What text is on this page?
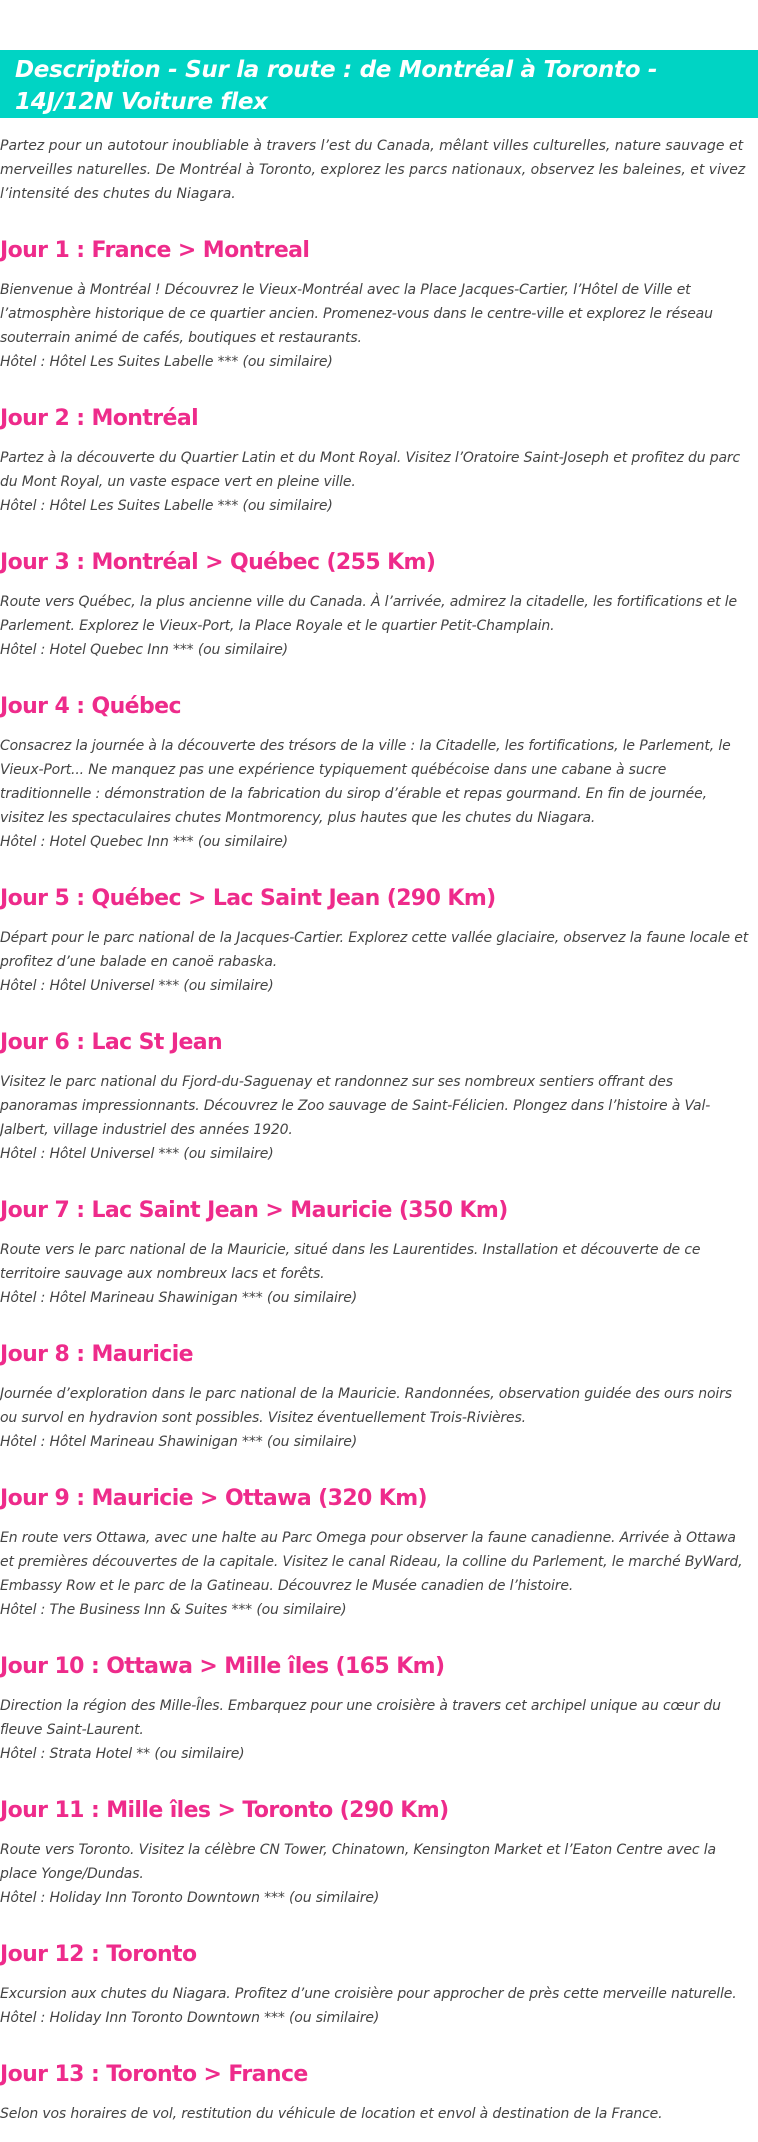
Description - Sur la route : de Montréal à Toronto - 14J/12N Voiture flex

Partez pour un autotour inoubliable à travers l’est du Canada, mêlant villes culturelles, nature sauvage et merveilles naturelles. De Montréal à Toronto, explorez les parcs nationaux, observez les baleines, et vivez l’intensité des chutes du Niagara.

Jour 1 : France > Montreal

Bienvenue à Montréal ! Découvrez le Vieux-Montréal avec la Place Jacques-Cartier, l’Hôtel de Ville et l’atmosphère historique de ce quartier ancien. Promenez-vous dans le centre-ville et explorez le réseau souterrain animé de cafés, boutiques et restaurants.

Hôtel : Hôtel Les Suites Labelle *** (ou similaire)
Jour 2 : Montréal

Partez à la découverte du Quartier Latin et du Mont Royal. Visitez l’Oratoire Saint-Joseph et profitez du parc du Mont Royal, un vaste espace vert en pleine ville.

Hôtel : Hôtel Les Suites Labelle *** (ou similaire)
Jour 3 : Montréal > Québec (255 Km)

Route vers Québec, la plus ancienne ville du Canada. À l’arrivée, admirez la citadelle, les fortifications et le Parlement. Explorez le Vieux-Port, la Place Royale et le quartier Petit-Champlain.

Hôtel : Hotel Quebec Inn *** (ou similaire)
Jour 4 : Québec

Consacrez la journée à la découverte des trésors de la ville : la Citadelle, les fortifications, le Parlement, le Vieux-Port... Ne manquez pas une expérience typiquement québécoise dans une cabane à sucre traditionnelle : démonstration de la fabrication du sirop d’érable et repas gourmand. En fin de journée, visitez les spectaculaires chutes Montmorency, plus hautes que les chutes du Niagara.

Hôtel : Hotel Quebec Inn *** (ou similaire)
Jour 5 : Québec > Lac Saint Jean (290 Km)

Départ pour le parc national de la Jacques-Cartier. Explorez cette vallée glaciaire, observez la faune locale et profitez d’une balade en canoë rabaska.

Hôtel : Hôtel Universel *** (ou similaire)
Jour 6 : Lac St Jean

Visitez le parc national du Fjord-du-Saguenay et randonnez sur ses nombreux sentiers offrant des panoramas impressionnants. Découvrez le Zoo sauvage de Saint-Félicien. Plongez dans l’histoire à Val-Jalbert, village industriel des années 1920.

Hôtel : Hôtel Universel *** (ou similaire)
Jour 7 : Lac Saint Jean > Mauricie (350 Km)

Route vers le parc national de la Mauricie, situé dans les Laurentides. Installation et découverte de ce territoire sauvage aux nombreux lacs et forêts.

Hôtel : Hôtel Marineau Shawinigan *** (ou similaire)
Jour 8 : Mauricie

Journée d’exploration dans le parc national de la Mauricie. Randonnées, observation guidée des ours noirs ou survol en hydravion sont possibles. Visitez éventuellement Trois-Rivières.

Hôtel : Hôtel Marineau Shawinigan *** (ou similaire)
Jour 9 : Mauricie > Ottawa (320 Km)

En route vers Ottawa, avec une halte au Parc Omega pour observer la faune canadienne. Arrivée à Ottawa et premières découvertes de la capitale. Visitez le canal Rideau, la colline du Parlement, le marché ByWard, Embassy Row et le parc de la Gatineau. Découvrez le Musée canadien de l’histoire.

Hôtel : The Business Inn & Suites *** (ou similaire)
Jour 10 : Ottawa > Mille îles (165 Km)

Direction la région des Mille-Îles. Embarquez pour une croisière à travers cet archipel unique au cœur du fleuve Saint-Laurent.

Hôtel : Strata Hotel ** (ou similaire)
Jour 11 : Mille îles > Toronto (290 Km)

Route vers Toronto. Visitez la célèbre CN Tower, Chinatown, Kensington Market et l’Eaton Centre avec la place Yonge/Dundas.

Hôtel : Holiday Inn Toronto Downtown *** (ou similaire)
Jour 12 : Toronto

Excursion aux chutes du Niagara. Profitez d’une croisière pour approcher de près cette merveille naturelle.

Hôtel : Holiday Inn Toronto Downtown *** (ou similaire)
Jour 13 : Toronto > France

Selon vos horaires de vol, restitution du véhicule de location et envol à destination de la France.
